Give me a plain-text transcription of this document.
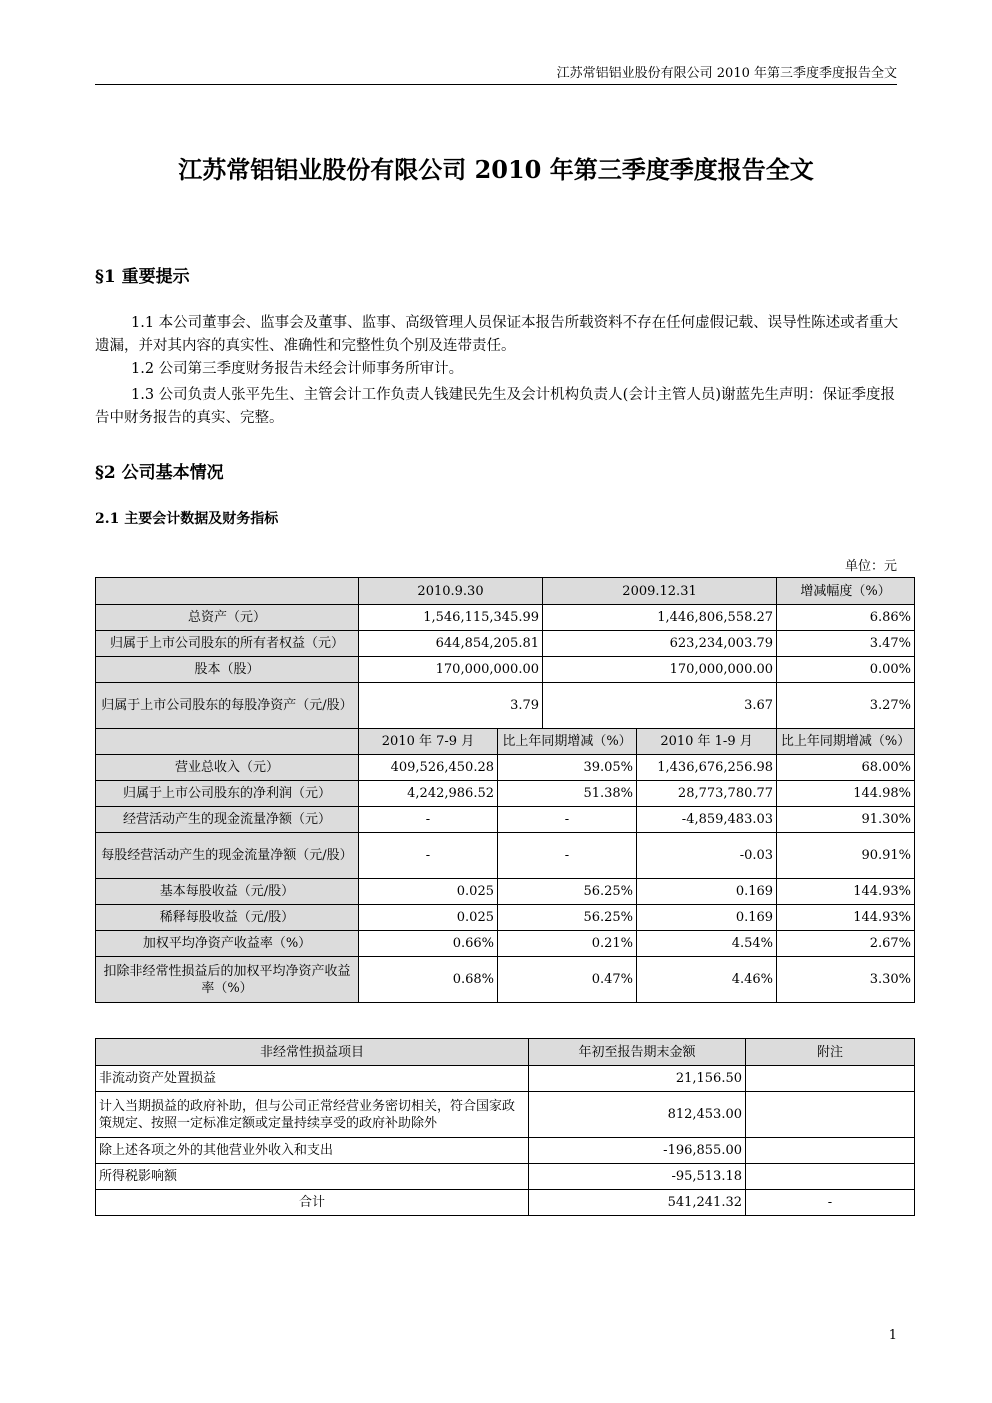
江苏常铝铝业股份有限公司 2010 年第三季度季度报告全文
江苏常铝铝业股份有限公司 2010 年第三季度季度报告全文
§1 重要提示
1.1 本公司董事会、监事会及董事、监事、高级管理人员保证本报告所载资料不存在任何虚假记载、误导性陈述或者重大遗漏，并对其内容的真实性、准确性和完整性负个别及连带责任。
1.2 公司第三季度财务报告未经会计师事务所审计。
1.3 公司负责人张平先生、主管会计工作负责人钱建民先生及会计机构负责人(会计主管人员)谢蓝先生声明：保证季度报告中财务报告的真实、完整。
§2 公司基本情况
2.1 主要会计数据及财务指标
单位：元
	2010.9.30		2009.12.31		增减幅度（%）
总资产（元）	1,546,115,345.99		1,446,806,558.27		6.86%
归属于上市公司股东的所有者权益（元）	644,854,205.81		623,234,003.79		3.47%
股本（股）	170,000,000.00		170,000,000.00		0.00%
归属于上市公司股东的每股净资产（元/股）	3.79		3.67		3.27%
	2010 年 7-9 月	比上年同期增减（%）		2010 年 1-9 月	比上年同期增减（%）
营业总收入（元）	409,526,450.28	39.05%		1,436,676,256.98	68.00%
归属于上市公司股东的净利润（元）	4,242,986.52	51.38%		28,773,780.77	144.98%
经营活动产生的现金流量净额（元）	-	-		-4,859,483.03	91.30%
每股经营活动产生的现金流量净额（元/股）	-	-		-0.03	90.91%
基本每股收益（元/股）	0.025	56.25%		0.169	144.93%
稀释每股收益（元/股）	0.025	56.25%		0.169	144.93%
加权平均净资产收益率（%）	0.66%	0.21%		4.54%	2.67%
扣除非经常性损益后的加权平均净资产收益率（%）	0.68%	0.47%		4.46%	3.30%
非经常性损益项目	年初至报告期末金额	附注
非流动资产处置损益	21,156.50	
计入当期损益的政府补助，但与公司正常经营业务密切相关，符合国家政策规定、按照一定标准定额或定量持续享受的政府补助除外	812,453.00	
除上述各项之外的其他营业外收入和支出	-196,855.00	
所得税影响额	-95,513.18	
合计	541,241.32	-
1
